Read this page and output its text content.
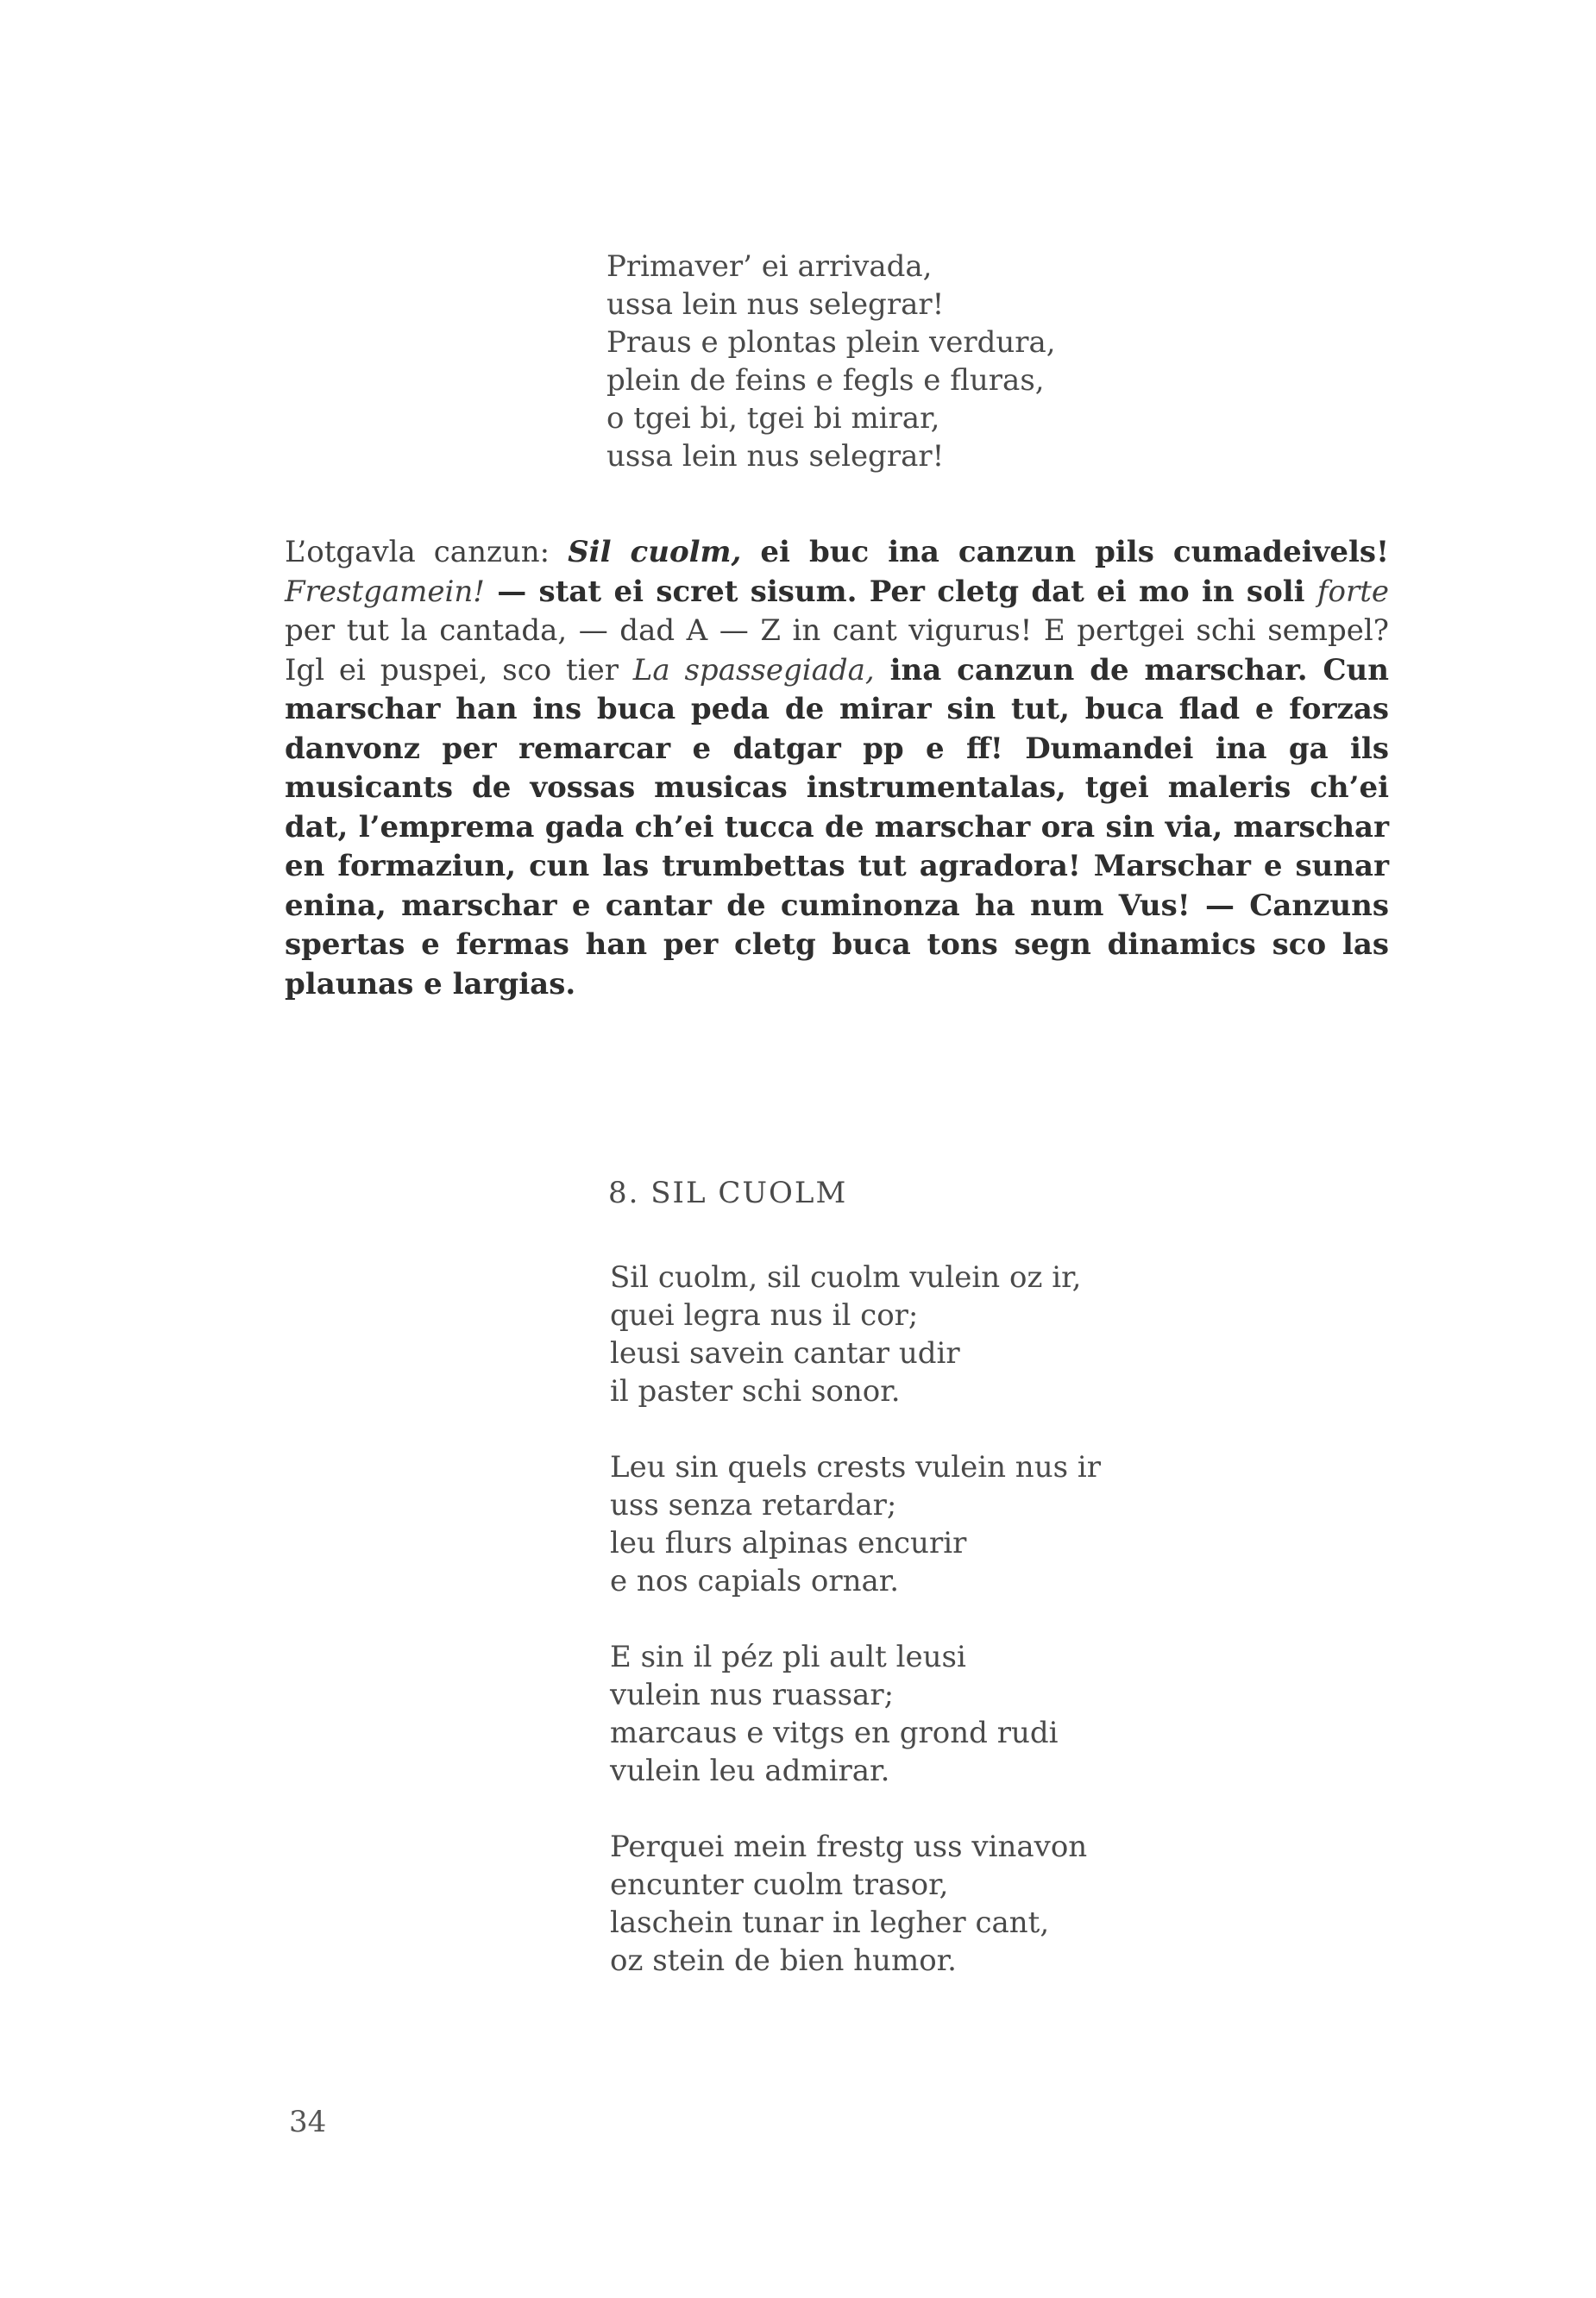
Primaver’ ei arrivada,
ussa lein nus selegrar!
Praus e plontas plein verdura,
plein de feins e fegls e fluras,
o tgei bi, tgei bi mirar,
ussa lein nus selegrar!

L’otgavla canzun: Sil cuolm, ei buc ina canzun pils cumadeivels! Frestgamein! — stat ei scret sisum. Per cletg dat ei mo in soli forte per tut la cantada, — dad A — Z in cant vigurus! E pertgei schi sempel? Igl ei puspei, sco tier La spassegiada, ina canzun de marschar. Cun marschar han ins buca peda de mirar sin tut, buca flad e forzas danvonz per remarcar e datgar pp e ff! Dumandei ina ga ils musicants de vossas musicas instrumentalas, tgei maleris ch’ei dat, l’emprema gada ch’ei tucca de marschar ora sin via, marschar en formaziun, cun las trumbettas tut agradora! Marschar e sunar enina, marschar e cantar de cuminonza ha num Vus! — Canzuns spertas e fermas han per cletg buca tons segn dinamics sco las plaunas e largias.

8. SIL CUOLM
Sil cuolm, sil cuolm vulein oz ir,
quei legra nus il cor;
leusi savein cantar udir
il paster schi sonor.
Leu sin quels crests vulein nus ir
uss senza retardar;
leu flurs alpinas encurir
e nos capials ornar.
E sin il péz pli ault leusi
vulein nus ruassar;
marcaus e vitgs en grond rudi
vulein leu admirar.
Perquei mein frestg uss vinavon
encunter cuolm trasor,
laschein tunar in legher cant,
oz stein de bien humor.
34
